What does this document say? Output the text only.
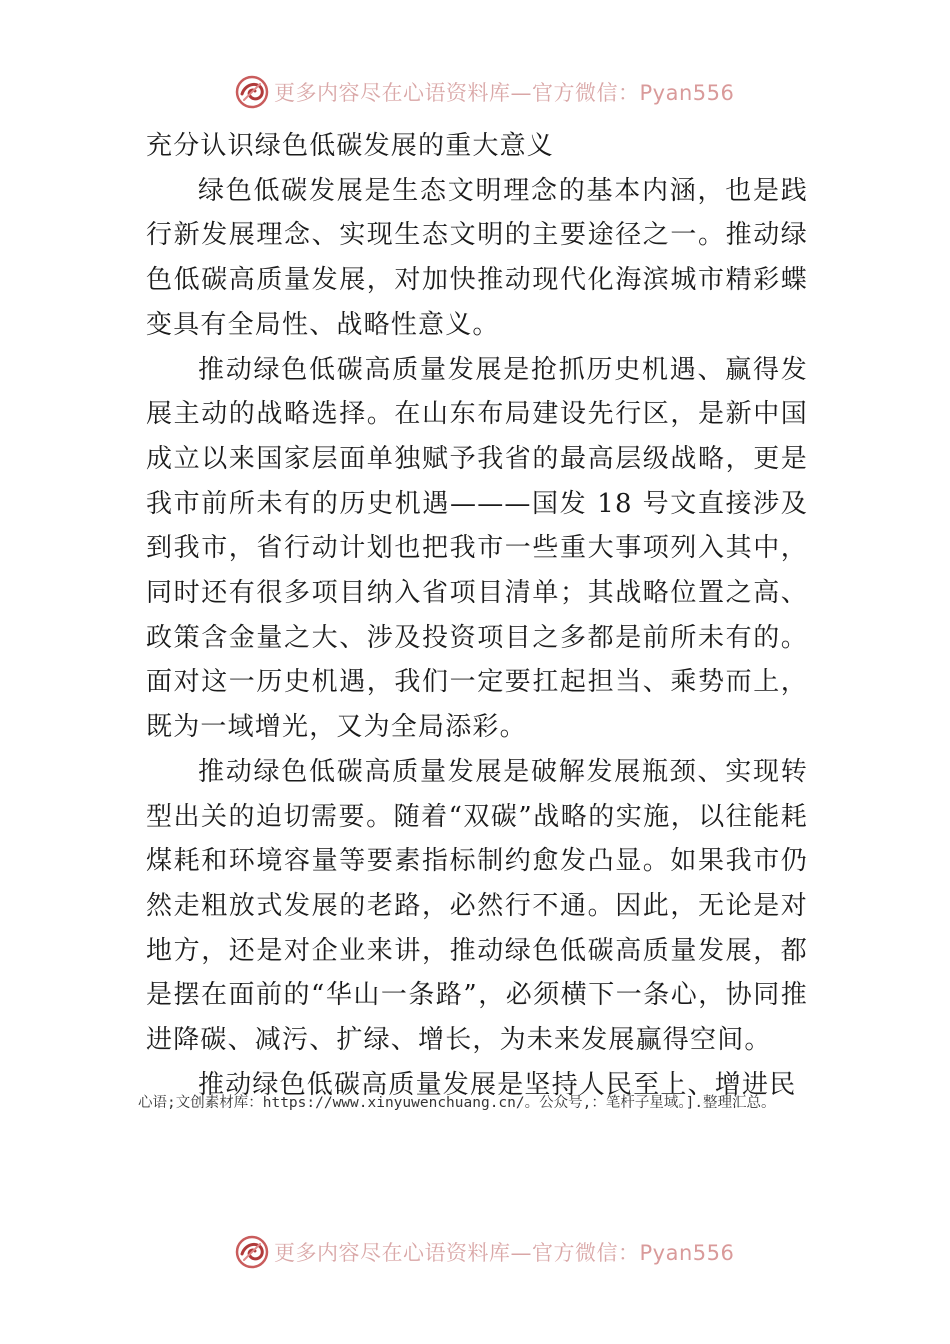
更多内容尽在心语资料库—官方微信：Pyan556

充分认识绿色低碳发展的重大意义

绿色低碳发展是生态文明理念的基本内涵，也是践行新发展理念、实现生态文明的主要途径之一。推动绿色低碳高质量发展，对加快推动现代化海滨城市精彩蝶变具有全局性、战略性意义。

推动绿色低碳高质量发展是抢抓历史机遇、赢得发展主动的战略选择。在山东布局建设先行区，是新中国成立以来国家层面单独赋予我省的最高层级战略，更是我市前所未有的历史机遇———国发 18 号文直接涉及到我市，省行动计划也把我市一些重大事项列入其中，同时还有很多项目纳入省项目清单；其战略位置之高、政策含金量之大、涉及投资项目之多都是前所未有的。面对这一历史机遇，我们一定要扛起担当、乘势而上，既为一域增光，又为全局添彩。

推动绿色低碳高质量发展是破解发展瓶颈、实现转型出关的迫切需要。随着“双碳”战略的实施，以往能耗煤耗和环境容量等要素指标制约愈发凸显。如果我市仍然走粗放式发展的老路，必然行不通。因此，无论是对地方，还是对企业来讲，推动绿色低碳高质量发展，都是摆在面前的“华山一条路”，必须横下一条心，协同推进降碳、减污、扩绿、增长，为未来发展赢得空间。

推动绿色低碳高质量发展是坚持人民至上、增进民

心语;文创素材库：https://www.xinyuwenchuang.cn/。公众号,：笔杆子星域。].整理汇总。
更多内容尽在心语资料库—官方微信：Pyan556
